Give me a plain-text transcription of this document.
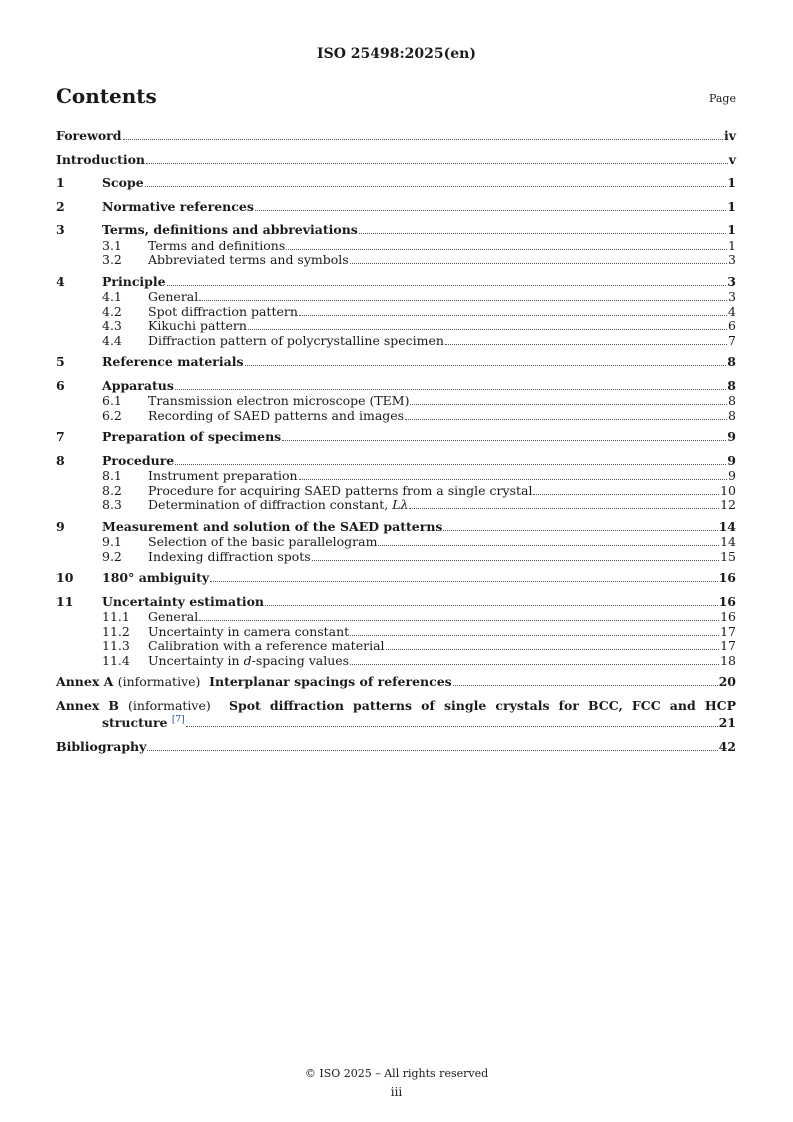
ISO 25498:2025(en)
Contents	Page
Foreword	iv
Introduction	v
1	Scope	1
2	Normative references	1
3	Terms, definitions and abbreviations	1
3.1	Terms and definitions	1
3.2	Abbreviated terms and symbols	3
4	Principle	3
4.1	General	3
4.2	Spot diffraction pattern	4
4.3	Kikuchi pattern	6
4.4	Diffraction pattern of polycrystalline specimen	7
5	Reference materials	8
6	Apparatus	8
6.1	Transmission electron microscope (TEM)	8
6.2	Recording of SAED patterns and images	8
7	Preparation of specimens	9
8	Procedure	9
8.1	Instrument preparation	9
8.2	Procedure for acquiring SAED patterns from a single crystal	10
8.3	Determination of diffraction constant, Lλ	12
9	Measurement and solution of the SAED patterns	14
9.1	Selection of the basic parallelogram	14
9.2	Indexing diffraction spots	15
10	180° ambiguity	16
11	Uncertainty estimation	16
11.1	General	16
11.2	Uncertainty in camera constant	17
11.3	Calibration with a reference material	17
11.4	Uncertainty in d-spacing values	18
Annex A (informative) Interplanar spacings of references	20
Annex B (informative) Spot diffraction patterns of single crystals for BCC, FCC and HCP
structure [7]	21
Bibliography	42
© ISO 2025 – All rights reserved
iii
